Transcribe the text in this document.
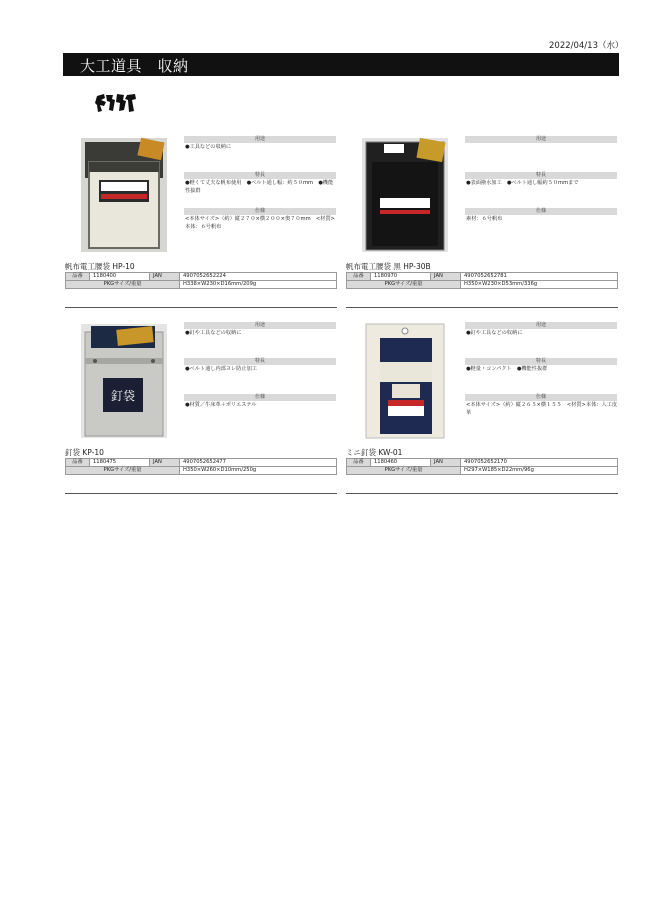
2022/04/13（水）
大工道具　収納
用途
●工具などの収納に
特長
●軽くて丈夫な帆布使用　●ベルト通し幅：約５０mm　●機能性抜群
仕様
<本体サイズ>（約）縦２７０×横２００×奥７０mm　<材質>本体：６号帆布
帆布電工腰袋 HP-10
品番	1180400	JAN	4907052652224
PKGサイズ/重量			H338×W230×D16mm/209g
用途
特長
●表面撥水加工　●ベルト通し幅約５０mmまで
仕様
素材：６号帆布
帆布電工腰袋 黒 HP-30B
品番	1180970	JAN	4907052652781
PKGサイズ/重量			H350×W230×D53mm/336g
釘袋
用途
●釘や工具などの収納に
特長
●ベルト通し内部ヨレ防止加工
仕様
●材質／牛床革＋ポリエステル
釘袋 KP-10
品番	1180475	JAN	4907052652477
PKGサイズ/重量			H350×W260×D10mm/250g
用途
●釘や工具などの収納に
特長
●軽量・コンパクト　●機能性抜群
仕様
<本体サイズ>（約）縦２６５×横１５５　<材質>本体：人工皮革
ミニ釘袋 KW-01
品番	1180460	JAN	4907052652170
PKGサイズ/重量			H297×W185×D22mm/96g
